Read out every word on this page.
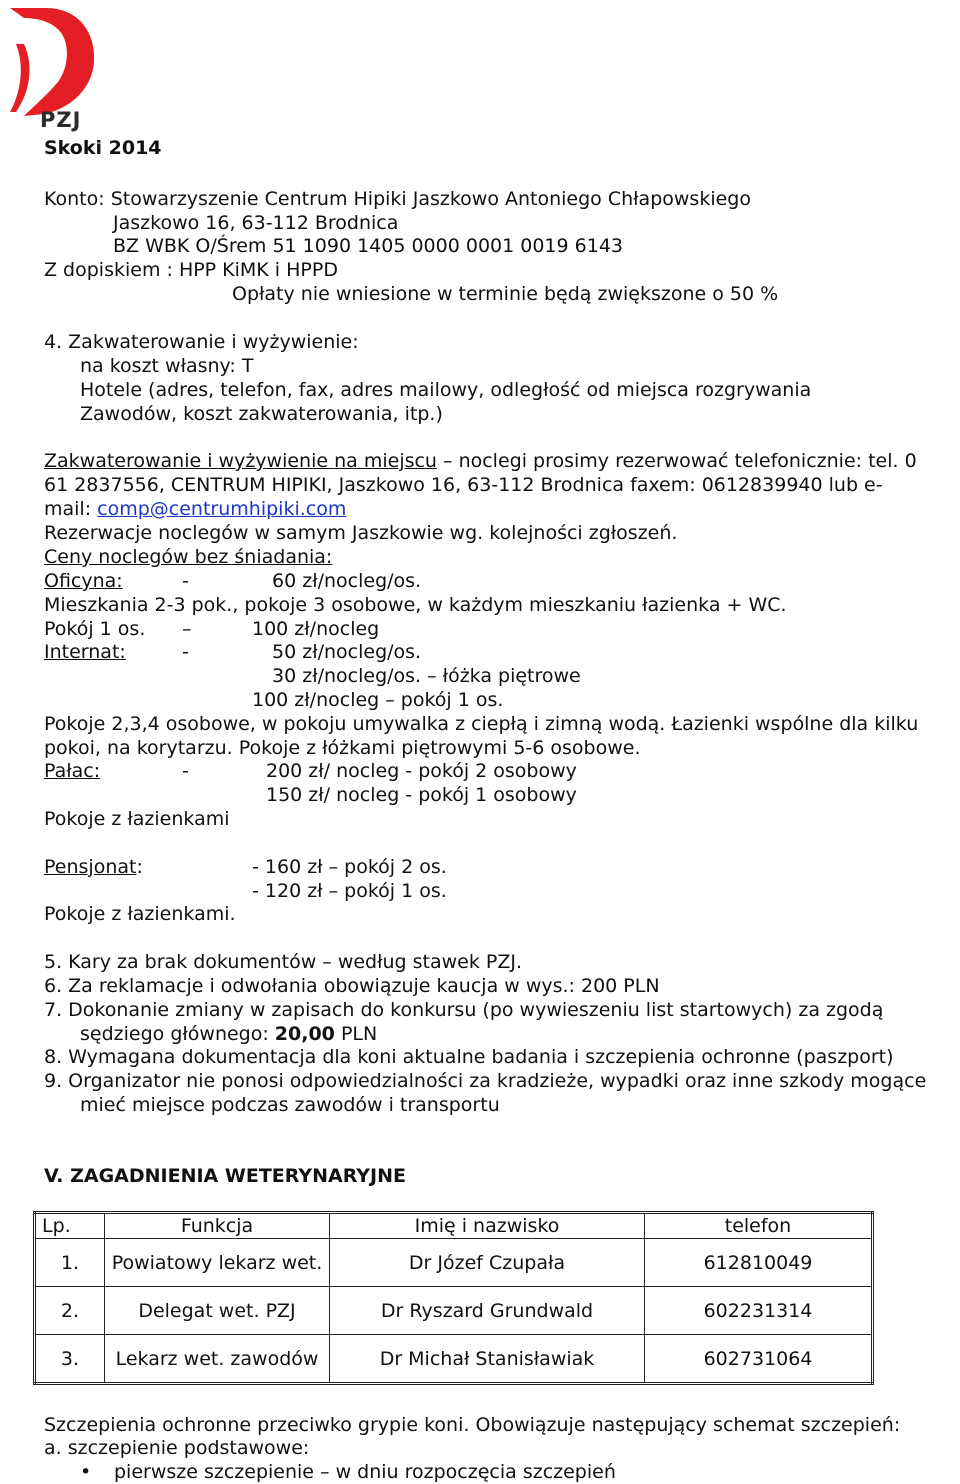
PZJ
Skoki 2014
Konto: Stowarzyszenie Centrum Hipiki Jaszkowo Antoniego Chłapowskiego
Jaszkowo 16, 63-112 Brodnica
BZ WBK O/Śrem 51 1090 1405 0000 0001 0019 6143
Z dopiskiem : HPP KiMK i HPPD
Opłaty nie wniesione w terminie będą zwiększone o 50 %
4. Zakwaterowanie i wyżywienie:
na koszt własny: T
Hotele (adres, telefon, fax, adres mailowy, odległość od miejsca rozgrywania
Zawodów, koszt zakwaterowania, itp.)
Zakwaterowanie i wyżywienie na miejscu – noclegi prosimy rezerwować telefonicznie: tel. 0
61 2837556, CENTRUM HIPIKI, Jaszkowo 16, 63-112 Brodnica faxem: 0612839940 lub e-
mail: comp@centrumhipiki.com
Rezerwacje noclegów w samym Jaszkowie wg. kolejności zgłoszeń.
Ceny noclegów bez śniadania:
Oficyna:	-	60 zł/nocleg/os.
Mieszkania 2-3 pok., pokoje 3 osobowe, w każdym mieszkaniu łazienka + WC.
Pokój 1 os. –	100 zł/nocleg
Internat:	-	50 zł/nocleg/os.
30 zł/nocleg/os. – łóżka piętrowe
100 zł/nocleg – pokój 1 os.
Pokoje 2,3,4 osobowe, w pokoju umywalka z ciepłą i zimną wodą. Łazienki wspólne dla kilku
pokoi, na korytarzu. Pokoje z łóżkami piętrowymi 5-6 osobowe.
Pałac:	-	200 zł/ nocleg - pokój 2 osobowy
150 zł/ nocleg - pokój 1 osobowy
Pokoje z łazienkami
Pensjonat:	- 160 zł – pokój 2 os.
- 120 zł – pokój 1 os.
Pokoje z łazienkami.
5. Kary za brak dokumentów – według stawek PZJ.
6. Za reklamacje i odwołania obowiązuje kaucja w wys.: 200 PLN
7. Dokonanie zmiany w zapisach do konkursu (po wywieszeniu list startowych) za zgodą
sędziego głównego: 20,00 PLN
8. Wymagana dokumentacja dla koni aktualne badania i szczepienia ochronne (paszport)
9. Organizator nie ponosi odpowiedzialności za kradzieże, wypadki oraz inne szkody mogące
mieć miejsce podczas zawodów i transportu
V. ZAGADNIENIA WETERYNARYJNE
Lp.	Funkcja	Imię i nazwisko	telefon
1.	Powiatowy lekarz wet.	Dr Józef Czupała	612810049
2.	Delegat wet. PZJ	Dr Ryszard Grundwald	602231314
3.	Lekarz wet. zawodów	Dr Michał Stanisławiak	602731064
Szczepienia ochronne przeciwko grypie koni. Obowiązuje następujący schemat szczepień:
a. szczepienie podstawowe:
• pierwsze szczepienie – w dniu rozpoczęcia szczepień
